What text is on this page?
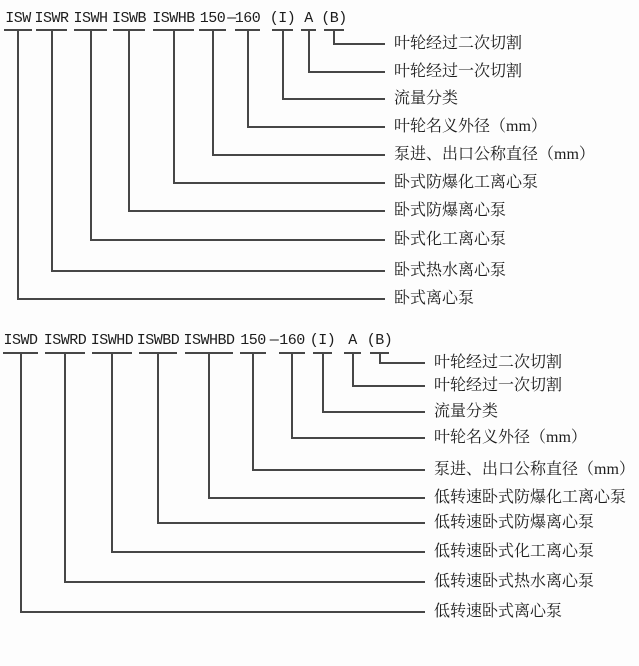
ISW ISWR ISWH ISWB ISWHB 150 —
160 (I) A (B)
叶轮经过二次切割
叶轮经过一次切割
流量分类
叶轮名义外径（mm）
泵进、出口公称直径（mm）
卧式防爆化工离心泵
卧式防爆离心泵
卧式化工离心泵
卧式热水离心泵
卧式离心泵
ISWD ISWRD ISWHD ISWBD ISWHBD 150 — 160 (I) A (B)
叶轮经过二次切割
叶轮经过一次切割
流量分类
叶轮名义外径（mm）
泵进、出口公称直径（mm）
低转速卧式防爆化工离心泵
低转速卧式防爆离心泵
低转速卧式化工离心泵
低转速卧式热水离心泵
低转速卧式离心泵
